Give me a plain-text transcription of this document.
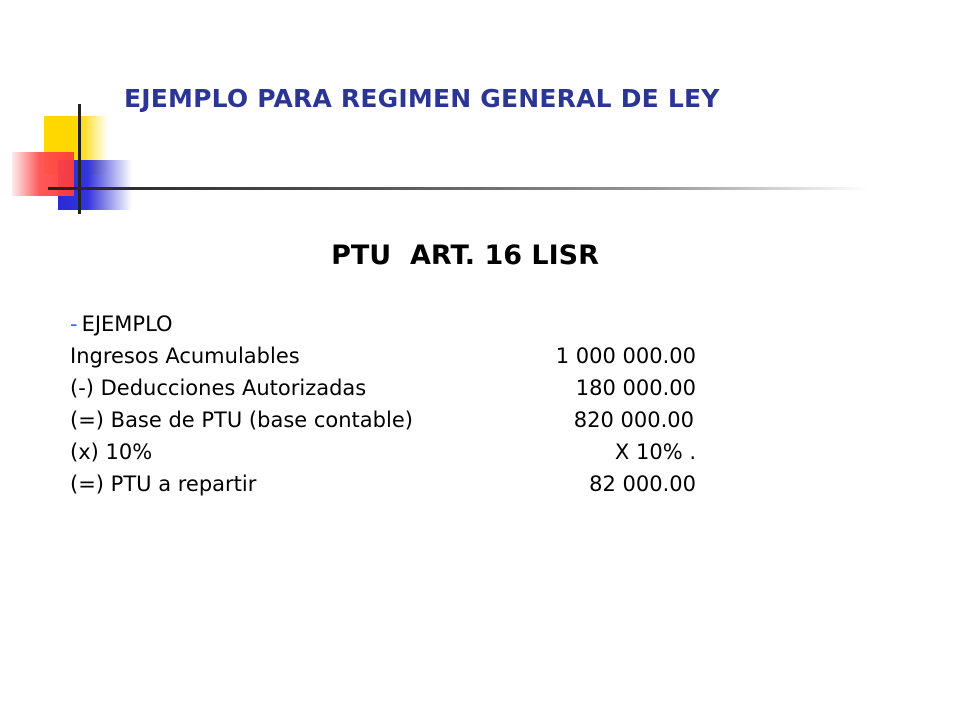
EJEMPLO PARA REGIMEN GENERAL DE LEY
PTU  ART. 16 LISR
- EJEMPLO
Ingresos Acumulables	1 000 000.00
(-) Deducciones Autorizadas	180 000.00
(=) Base de PTU (base contable)	820 000.00
(x) 10%	X 10% .
(=) PTU a repartir	82 000.00
